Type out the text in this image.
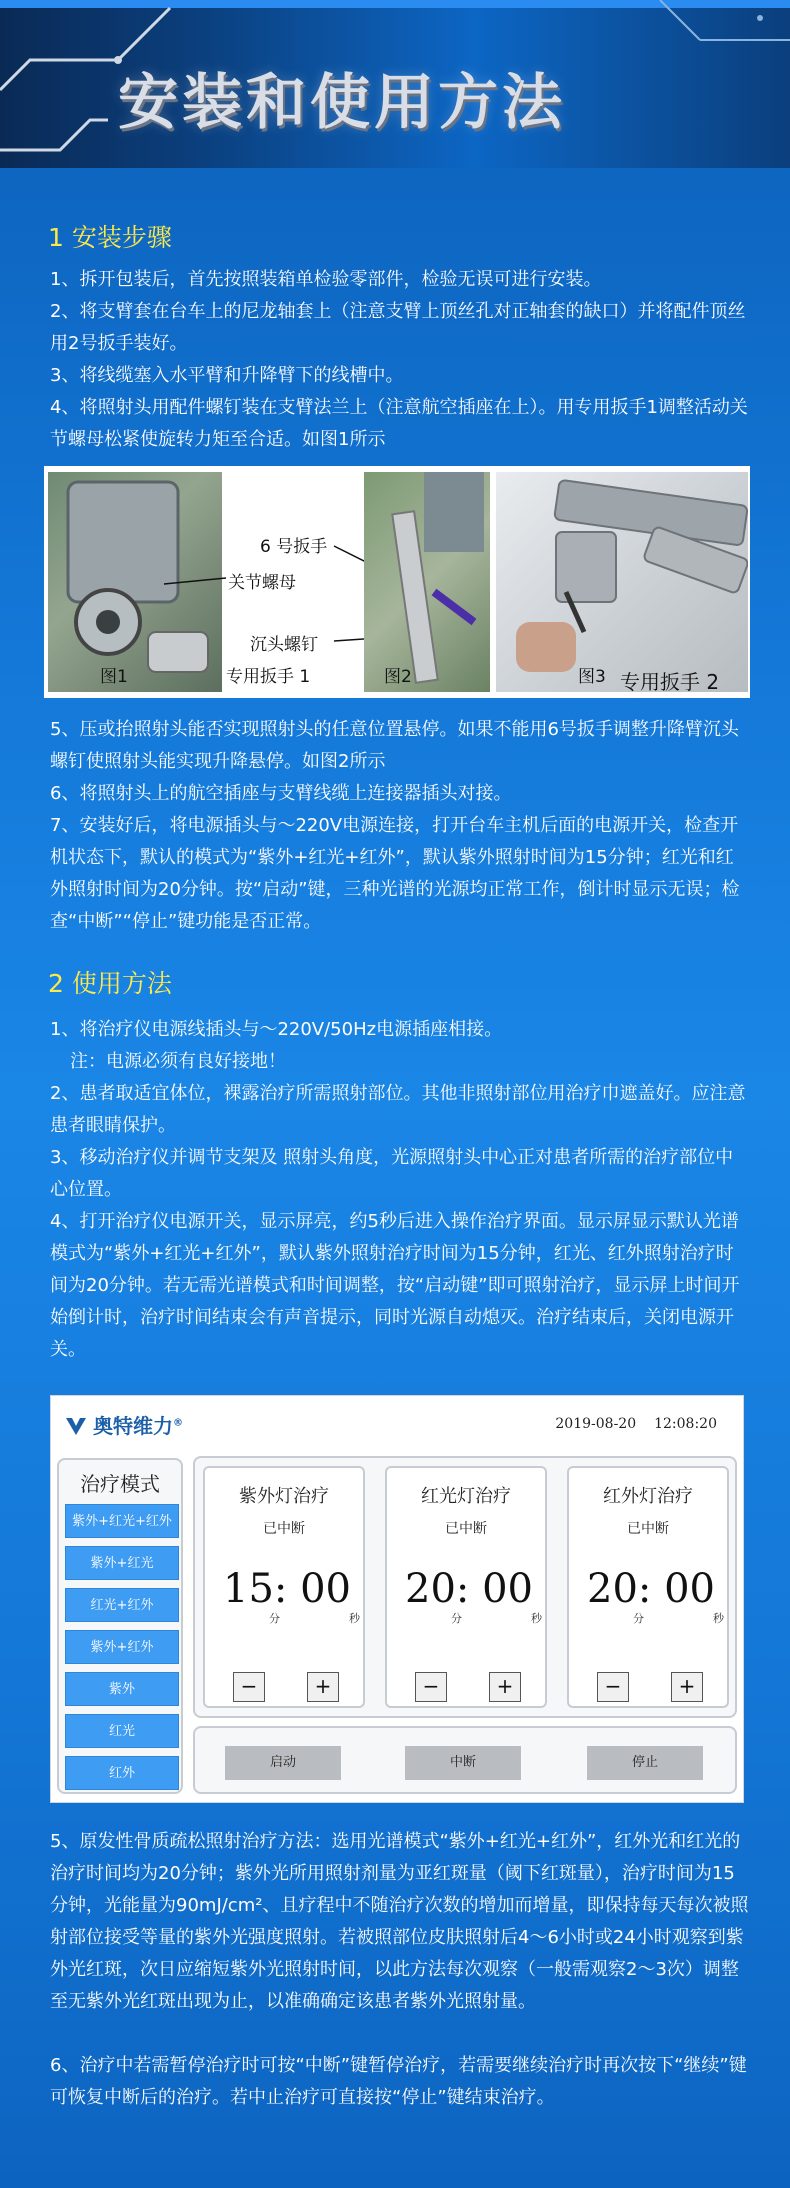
安装和使用方法
1 安装步骤
1、拆开包装后，首先按照装箱单检验零部件，检验无误可进行安装。
2、将支臂套在台车上的尼龙轴套上（注意支臂上顶丝孔对正轴套的缺口）并将配件顶丝用2号扳手装好。
3、将线缆塞入水平臂和升降臂下的线槽中。
4、将照射头用配件螺钉装在支臂法兰上（注意航空插座在上）。用专用扳手1调整活动关节螺母松紧使旋转力矩至合适。如图1所示
图1	专用扳手 1
关节螺母
6 号扳手
沉头螺钉
图2	图3 专用扳手 2
5、压或抬照射头能否实现照射头的任意位置悬停。如果不能用6号扳手调整升降臂沉头螺钉使照射头能实现升降悬停。如图2所示
6、将照射头上的航空插座与支臂线缆上连接器插头对接。
7、安装好后，将电源插头与～220V电源连接，打开台车主机后面的电源开关，检查开机状态下，默认的模式为“紫外+红光+红外”，默认紫外照射时间为15分钟；红光和红外照射时间为20分钟。按“启动”键，三种光谱的光源均正常工作，倒计时显示无误；检查“中断”“停止”键功能是否正常。
2 使用方法
1、将治疗仪电源线插头与～220V/50Hz电源插座相接。
注：电源必须有良好接地！
2、患者取适宜体位，裸露治疗所需照射部位。其他非照射部位用治疗巾遮盖好。应注意患者眼睛保护。
3、移动治疗仪并调节支架及 照射头角度，光源照射头中心正对患者所需的治疗部位中心位置。
4、打开治疗仪电源开关，显示屏亮，约5秒后进入操作治疗界面。显示屏显示默认光谱模式为“紫外+红光+红外”，默认紫外照射治疗时间为15分钟，红光、红外照射治疗时间为20分钟。若无需光谱模式和时间调整，按“启动键”即可照射治疗，显示屏上时间开始倒计时，治疗时间结束会有声音提示，同时光源自动熄灭。治疗结束后，关闭电源开关。
奥特维力®	2019-08-20 12:08:20
治疗模式
紫外+红光+红外
紫外+红光
红光+红外
紫外+红外
紫外
红光
红外
紫外灯治疗
已中断
15: 00
分	秒
−	+
红光灯治疗
已中断
20: 00
分	秒
−	+
红外灯治疗
已中断
20: 00
分	秒
−	+
启动	中断	停止
5、原发性骨质疏松照射治疗方法：选用光谱模式“紫外+红光+红外”，红外光和红光的治疗时间均为20分钟；紫外光所用照射剂量为亚红斑量（阈下红斑量），治疗时间为15分钟，光能量为90mJ/cm²、且疗程中不随治疗次数的增加而增量，即保持每天每次被照射部位接受等量的紫外光强度照射。若被照部位皮肤照射后4～6小时或24小时观察到紫外光红斑，次日应缩短紫外光照射时间，以此方法每次观察（一般需观察2～3次）调整至无紫外光红斑出现为止，以准确确定该患者紫外光照射量。
6、治疗中若需暂停治疗时可按“中断”键暂停治疗，若需要继续治疗时再次按下“继续”键可恢复中断后的治疗。若中止治疗可直接按“停止”键结束治疗。
